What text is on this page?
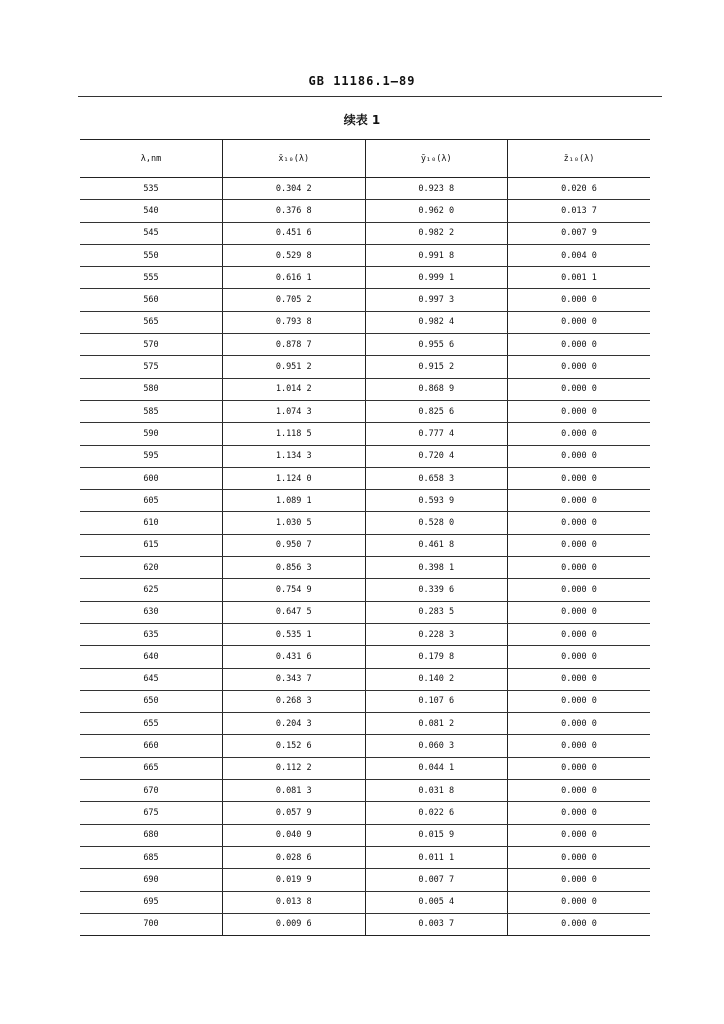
GB 11186.1—89
续表 1
λ,nm	x̄₁₀(λ)	ȳ₁₀(λ)	z̄₁₀(λ)
535	0.304 2	0.923 8	0.020 6
540	0.376 8	0.962 0	0.013 7
545	0.451 6	0.982 2	0.007 9
550	0.529 8	0.991 8	0.004 0
555	0.616 1	0.999 1	0.001 1
560	0.705 2	0.997 3	0.000 0
565	0.793 8	0.982 4	0.000 0
570	0.878 7	0.955 6	0.000 0
575	0.951 2	0.915 2	0.000 0
580	1.014 2	0.868 9	0.000 0
585	1.074 3	0.825 6	0.000 0
590	1.118 5	0.777 4	0.000 0
595	1.134 3	0.720 4	0.000 0
600	1.124 0	0.658 3	0.000 0
605	1.089 1	0.593 9	0.000 0
610	1.030 5	0.528 0	0.000 0
615	0.950 7	0.461 8	0.000 0
620	0.856 3	0.398 1	0.000 0
625	0.754 9	0.339 6	0.000 0
630	0.647 5	0.283 5	0.000 0
635	0.535 1	0.228 3	0.000 0
640	0.431 6	0.179 8	0.000 0
645	0.343 7	0.140 2	0.000 0
650	0.268 3	0.107 6	0.000 0
655	0.204 3	0.081 2	0.000 0
660	0.152 6	0.060 3	0.000 0
665	0.112 2	0.044 1	0.000 0
670	0.081 3	0.031 8	0.000 0
675	0.057 9	0.022 6	0.000 0
680	0.040 9	0.015 9	0.000 0
685	0.028 6	0.011 1	0.000 0
690	0.019 9	0.007 7	0.000 0
695	0.013 8	0.005 4	0.000 0
700	0.009 6	0.003 7	0.000 0
